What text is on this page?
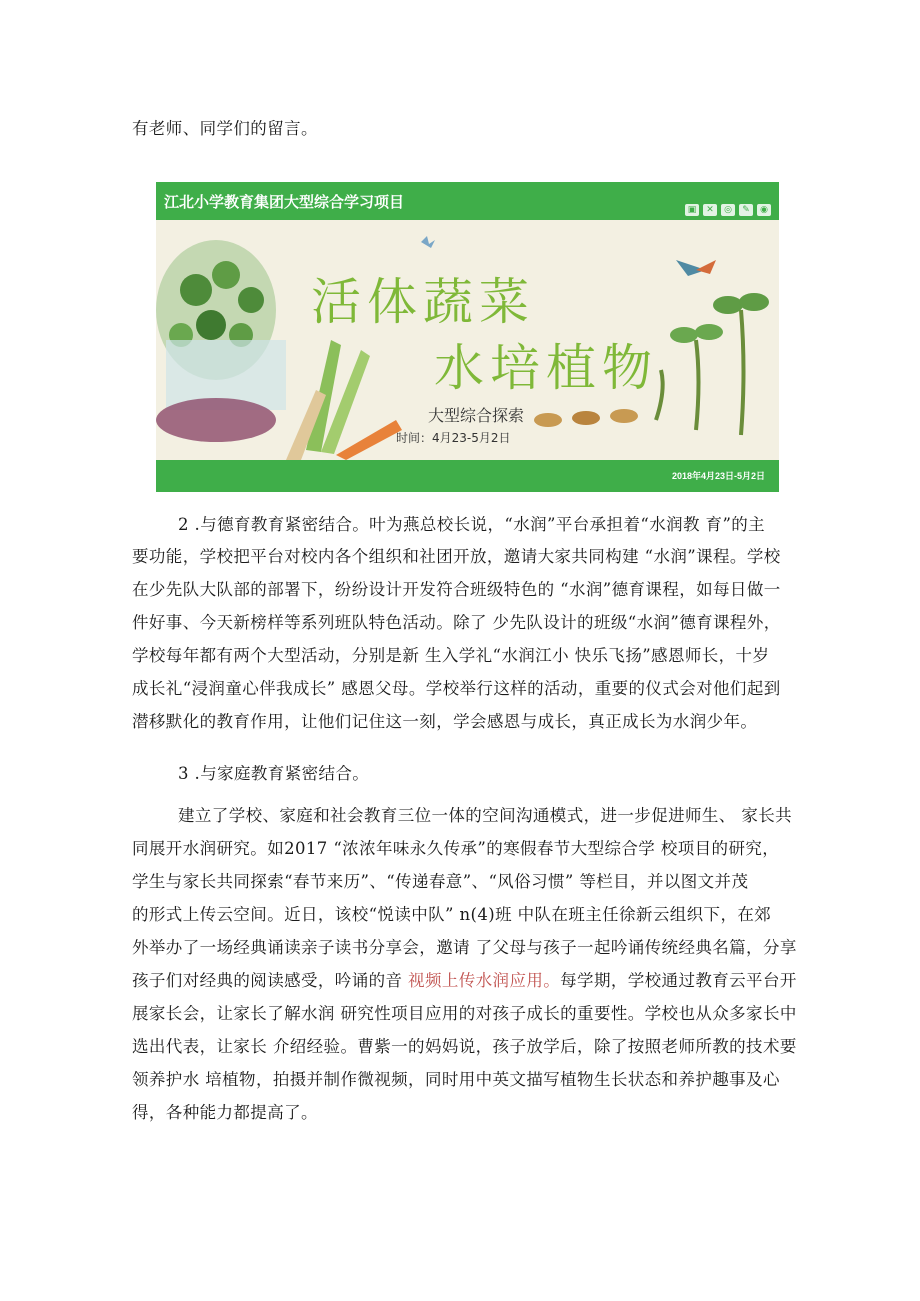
有老师、同学们的留言。
江北小学教育集团大型综合学习项目	▣	✕	◎	✎	◉
活体蔬菜
水培植物
大型综合探索
时间：4月23-5月2日
2018年4月23日-5月2日
2 .与德育教育紧密结合。叶为燕总校长说，“水润”平台承担着“水润教 育”的主
要功能，学校把平台对校内各个组织和社团开放，邀请大家共同构建 “水润”课程。学校
在少先队大队部的部署下，纷纷设计开发符合班级特色的 “水润”德育课程，如每日做一
件好事、今天新榜样等系列班队特色活动。除了 少先队设计的班级“水润”德育课程外，
学校每年都有两个大型活动，分别是新 生入学礼“水润江小 快乐飞扬”感恩师长，十岁
成长礼“浸润童心伴我成长” 感恩父母。学校举行这样的活动，重要的仪式会对他们起到
潜移默化的教育作用，让他们记住这一刻，学会感恩与成长，真正成长为水润少年。
3 .与家庭教育紧密结合。
建立了学校、家庭和社会教育三位一体的空间沟通模式，进一步促进师生、 家长共
同展开水润研究。如2017 “浓浓年味永久传承”的寒假春节大型综合学 校项目的研究，
学生与家长共同探索“春节来历”、“传递春意”、“风俗习惯” 等栏目，并以图文并茂
的形式上传云空间。近日，该校“悦读中队” n(4)班 中队在班主任徐新云组织下，在郊
外举办了一场经典诵读亲子读书分享会，邀请 了父母与孩子一起吟诵传统经典名篇，分享
孩子们对经典的阅读感受，吟诵的音 视频上传水润应用。每学期，学校通过教育云平台开
展家长会，让家长了解水润 研究性项目应用的对孩子成长的重要性。学校也从众多家长中
选出代表，让家长 介绍经验。曹紫一的妈妈说，孩子放学后，除了按照老师所教的技术要
领养护水 培植物，拍摄并制作微视频，同时用中英文描写植物生长状态和养护趣事及心
得，各种能力都提高了。
